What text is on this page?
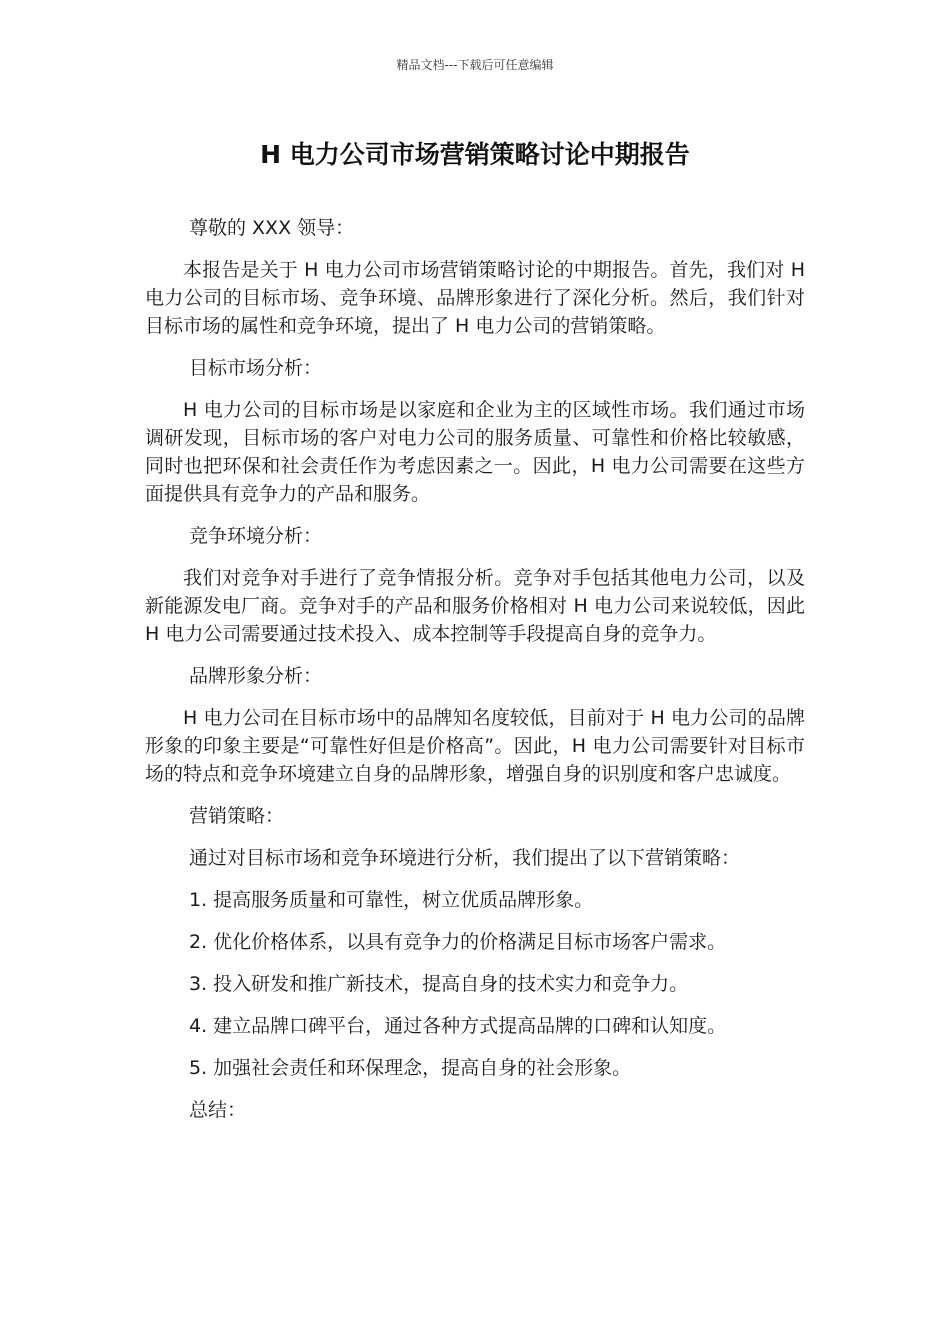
精品文档---下载后可任意编辑
H 电力公司市场营销策略讨论中期报告

尊敬的 XXX 领导：

本报告是关于 H 电力公司市场营销策略讨论的中期报告。首先，我们对 H 电力公司的目标市场、竞争环境、品牌形象进行了深化分析。然后，我们针对目标市场的属性和竞争环境，提出了 H 电力公司的营销策略。

目标市场分析：

H 电力公司的目标市场是以家庭和企业为主的区域性市场。我们通过市场调研发现，目标市场的客户对电力公司的服务质量、可靠性和价格比较敏感，同时也把环保和社会责任作为考虑因素之一。因此，H 电力公司需要在这些方面提供具有竞争力的产品和服务。

竞争环境分析：

我们对竞争对手进行了竞争情报分析。竞争对手包括其他电力公司，以及新能源发电厂商。竞争对手的产品和服务价格相对 H 电力公司来说较低，因此 H 电力公司需要通过技术投入、成本控制等手段提高自身的竞争力。

品牌形象分析：

H 电力公司在目标市场中的品牌知名度较低，目前对于 H 电力公司的品牌形象的印象主要是“可靠性好但是价格高”。因此，H 电力公司需要针对目标市场的特点和竞争环境建立自身的品牌形象，增强自身的识别度和客户忠诚度。

营销策略：

通过对目标市场和竞争环境进行分析，我们提出了以下营销策略：

1. 提高服务质量和可靠性，树立优质品牌形象。

2. 优化价格体系，以具有竞争力的价格满足目标市场客户需求。

3. 投入研发和推广新技术，提高自身的技术实力和竞争力。

4. 建立品牌口碑平台，通过各种方式提高品牌的口碑和认知度。

5. 加强社会责任和环保理念，提高自身的社会形象。

总结：
